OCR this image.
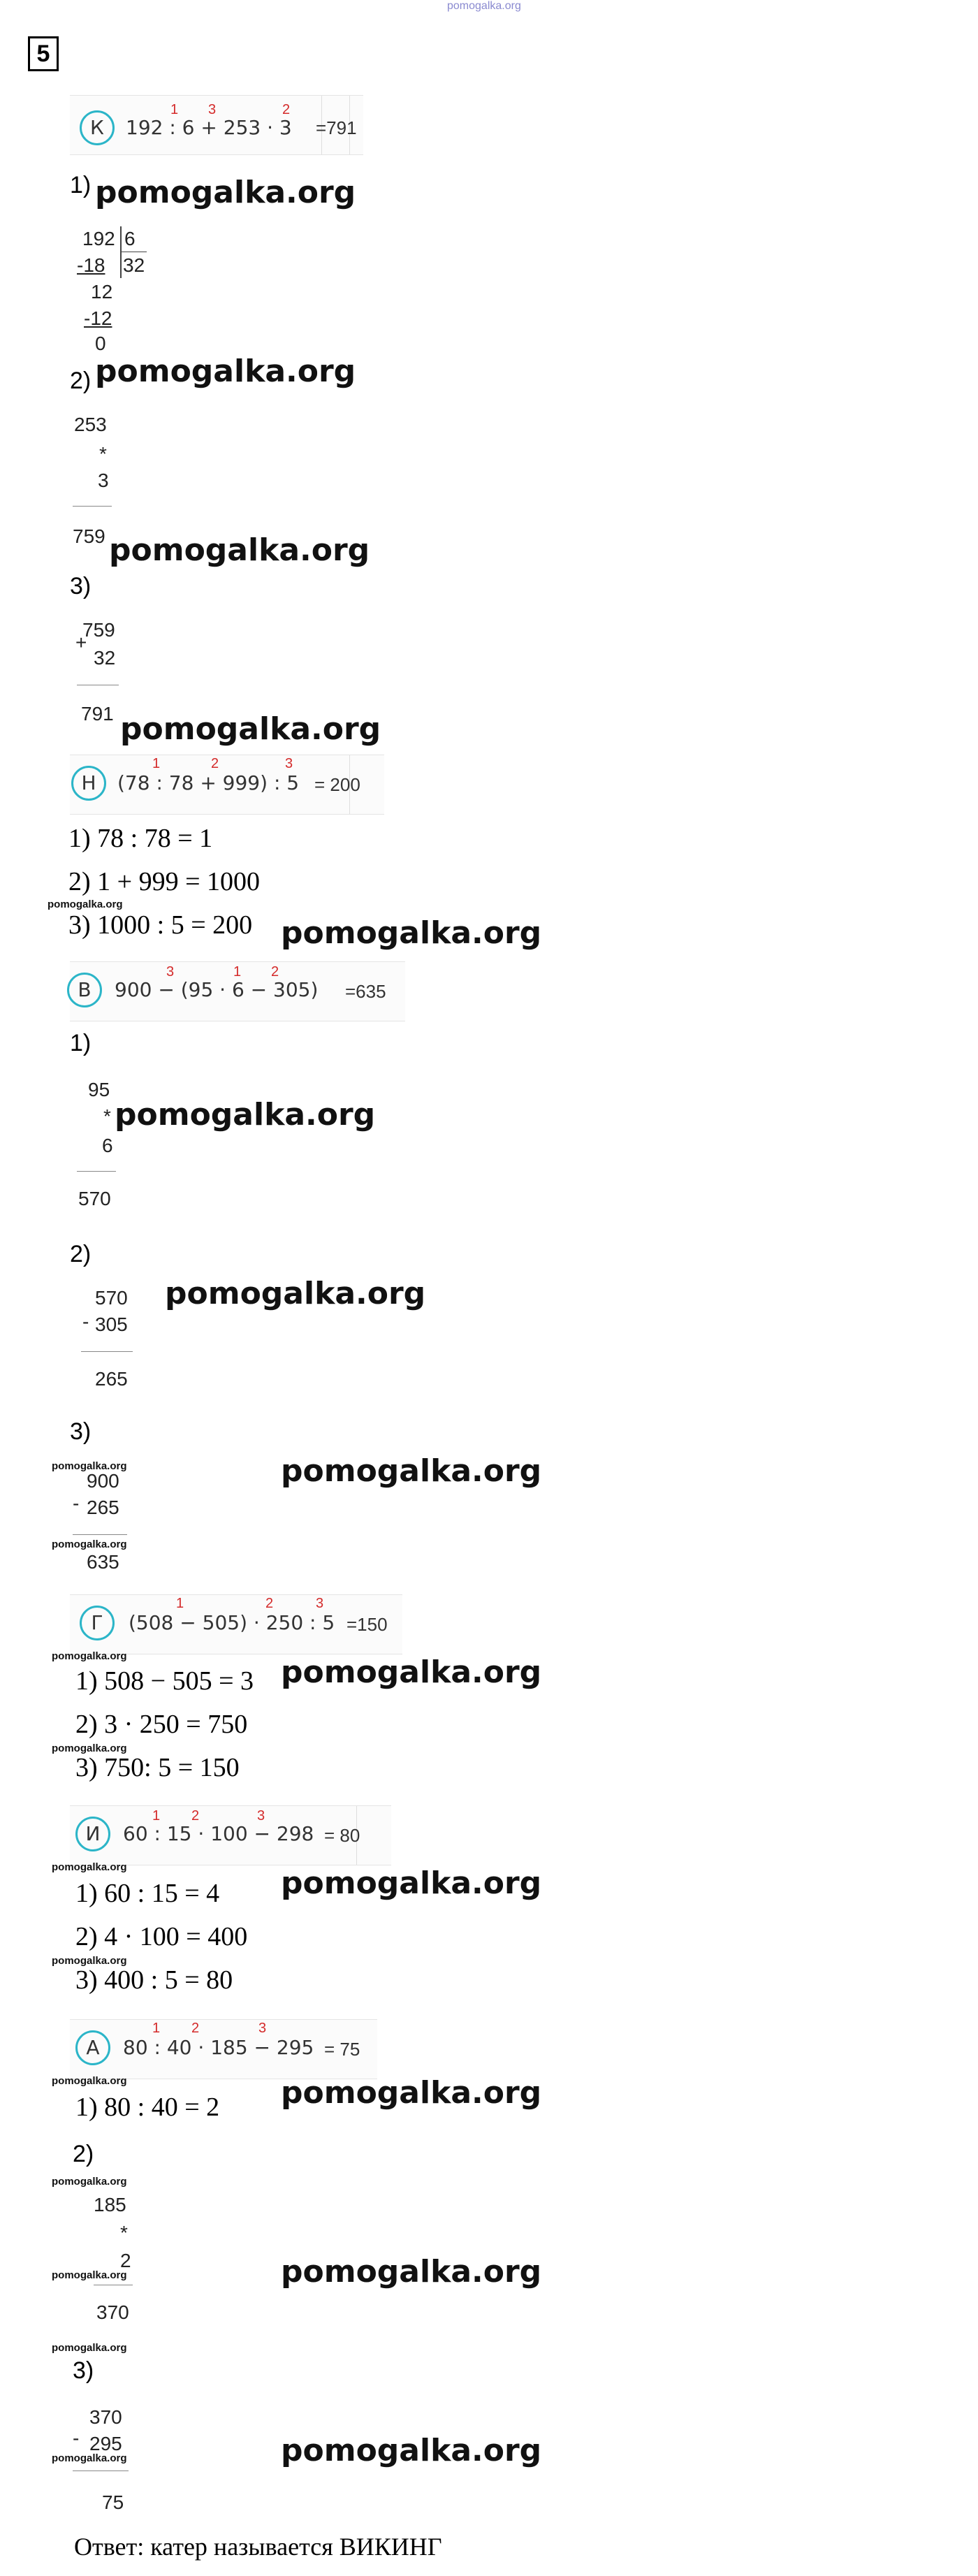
pomogalka.org
5
К	192 : 6 + 253 · 3
1 3	2
=791
1) pomogalka.org
192 6
-18 32
12
-12
0
2) pomogalka.org
253
*
3
759 pomogalka.org
3)
+
759
32
791 pomogalka.org
Н	(78 : 78 + 999) : 5
1	2	3
= 200
1) 78 : 78 = 1
2) 1 + 999 = 1000
pomogalka.org
3) 1000 : 5 = 200 pomogalka.org
В	900 − (95 · 6 − 305)
3	1 2
=635
1)
95
* pomogalka.org
6
570
2)
pomogalka.org
-
570
305
265
3)
pomogalka.org	pomogalka.org
-
900
265
pomogalka.org
635
Г	(508 − 505) · 250 : 5
1	2	3
=150
pomogalka.org
1) 508 − 505 = 3 pomogalka.org
2) 3 · 250 = 750
pomogalka.org
3) 750: 5 = 150
И	60 : 15 · 100 − 298
1 2	3
= 80
pomogalka.org	pomogalka.org
1) 60 : 15 = 4
2) 4 · 100 = 400
pomogalka.org
3) 400 : 5 = 80
А	80 : 40 · 185 − 295
1 2	3
= 75
pomogalka.org	pomogalka.org
1) 80 : 40 = 2
2)
pomogalka.org
185
*
2	pomogalka.org
pomogalka.org
370
pomogalka.org
3)
-
370
295
pomogalka.org	pomogalka.org
75
Ответ: катер называется ВИКИНГ
